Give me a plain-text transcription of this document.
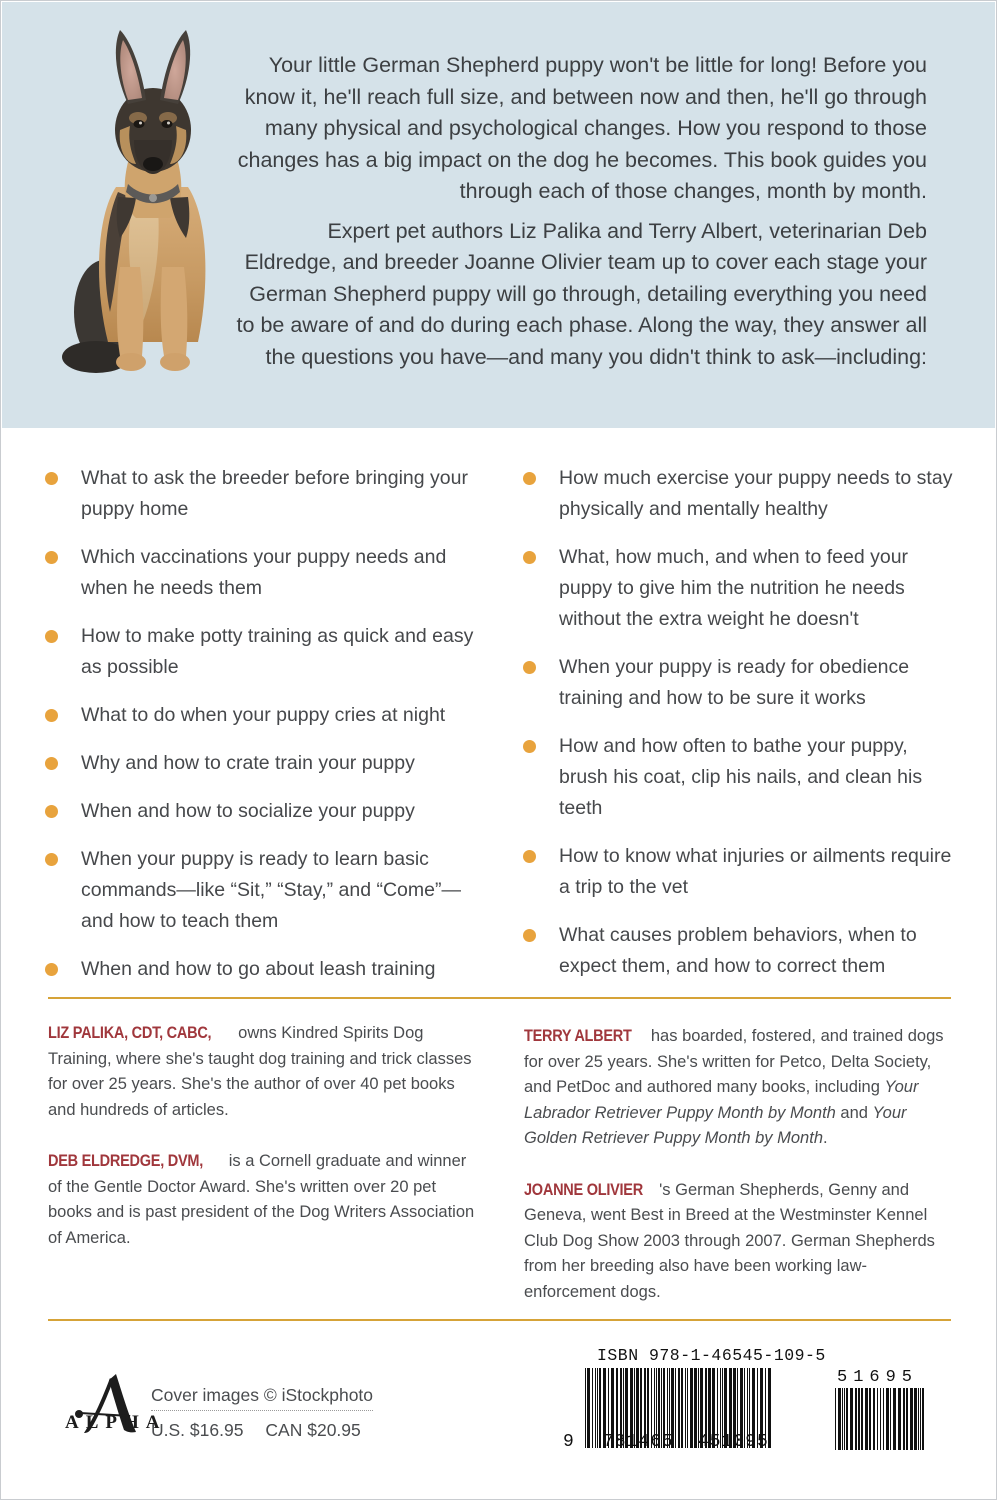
Your little German Shepherd puppy won't be little for long! Before you know it, he'll reach full size, and between now and then, he'll go through many physical and psychological changes. How you respond to those changes has a big impact on the dog he becomes. This book guides you through each of those changes, month by month.

Expert pet authors Liz Palika and Terry Albert, veterinarian Deb Eldredge, and breeder Joanne Olivier team up to cover each stage your German Shepherd puppy will go through, detailing everything you need to be aware of and do during each phase. Along the way, they answer all the questions you have—and many you didn't think to ask—including:

What to ask the breeder before bringing your puppy home
Which vaccinations your puppy needs and when he needs them
How to make potty training as quick and easy as possible
What to do when your puppy cries at night
Why and how to crate train your puppy
When and how to socialize your puppy
When your puppy is ready to learn basic commands—like “Sit,” “Stay,” and “Come”—and how to teach them
When and how to go about leash training
How much exercise your puppy needs to stay physically and mentally healthy
What, how much, and when to feed your puppy to give him the nutrition he needs without the extra weight he doesn't
When your puppy is ready for obedience training and how to be sure it works
How and how often to bathe your puppy, brush his coat, clip his nails, and clean his teeth
How to know what injuries or ailments require a trip to the vet
What causes problem behaviors, when to expect them, and how to correct them
LIZ PALIKA, CDT, CABC, owns Kindred Spirits Dog Training, where she's taught dog training and trick classes for over 25 years. She's the author of over 40 pet books and hundreds of articles.
DEB ELDREDGE, DVM, is a Cornell graduate and winner of the Gentle Doctor Award. She's written over 20 pet books and is past president of the Dog Writers Association of America.
TERRY ALBERT has boarded, fostered, and trained dogs for over 25 years. She's written for Petco, Delta Society, and PetDoc and authored many books, including Your Labrador Retriever Puppy Month by Month and Your Golden Retriever Puppy Month by Month.
JOANNE OLIVIER 's German Shepherds, Genny and Geneva, went Best in Breed at the Westminster Kennel Club Dog Show 2003 through 2007. German Shepherds from her breeding also have been working law-enforcement dogs.
ALPHA
Cover images © iStockphoto
U.S. $16.95 CAN $20.95
ISBN 978-1-46545-109-5
9 781465 451095
51695
